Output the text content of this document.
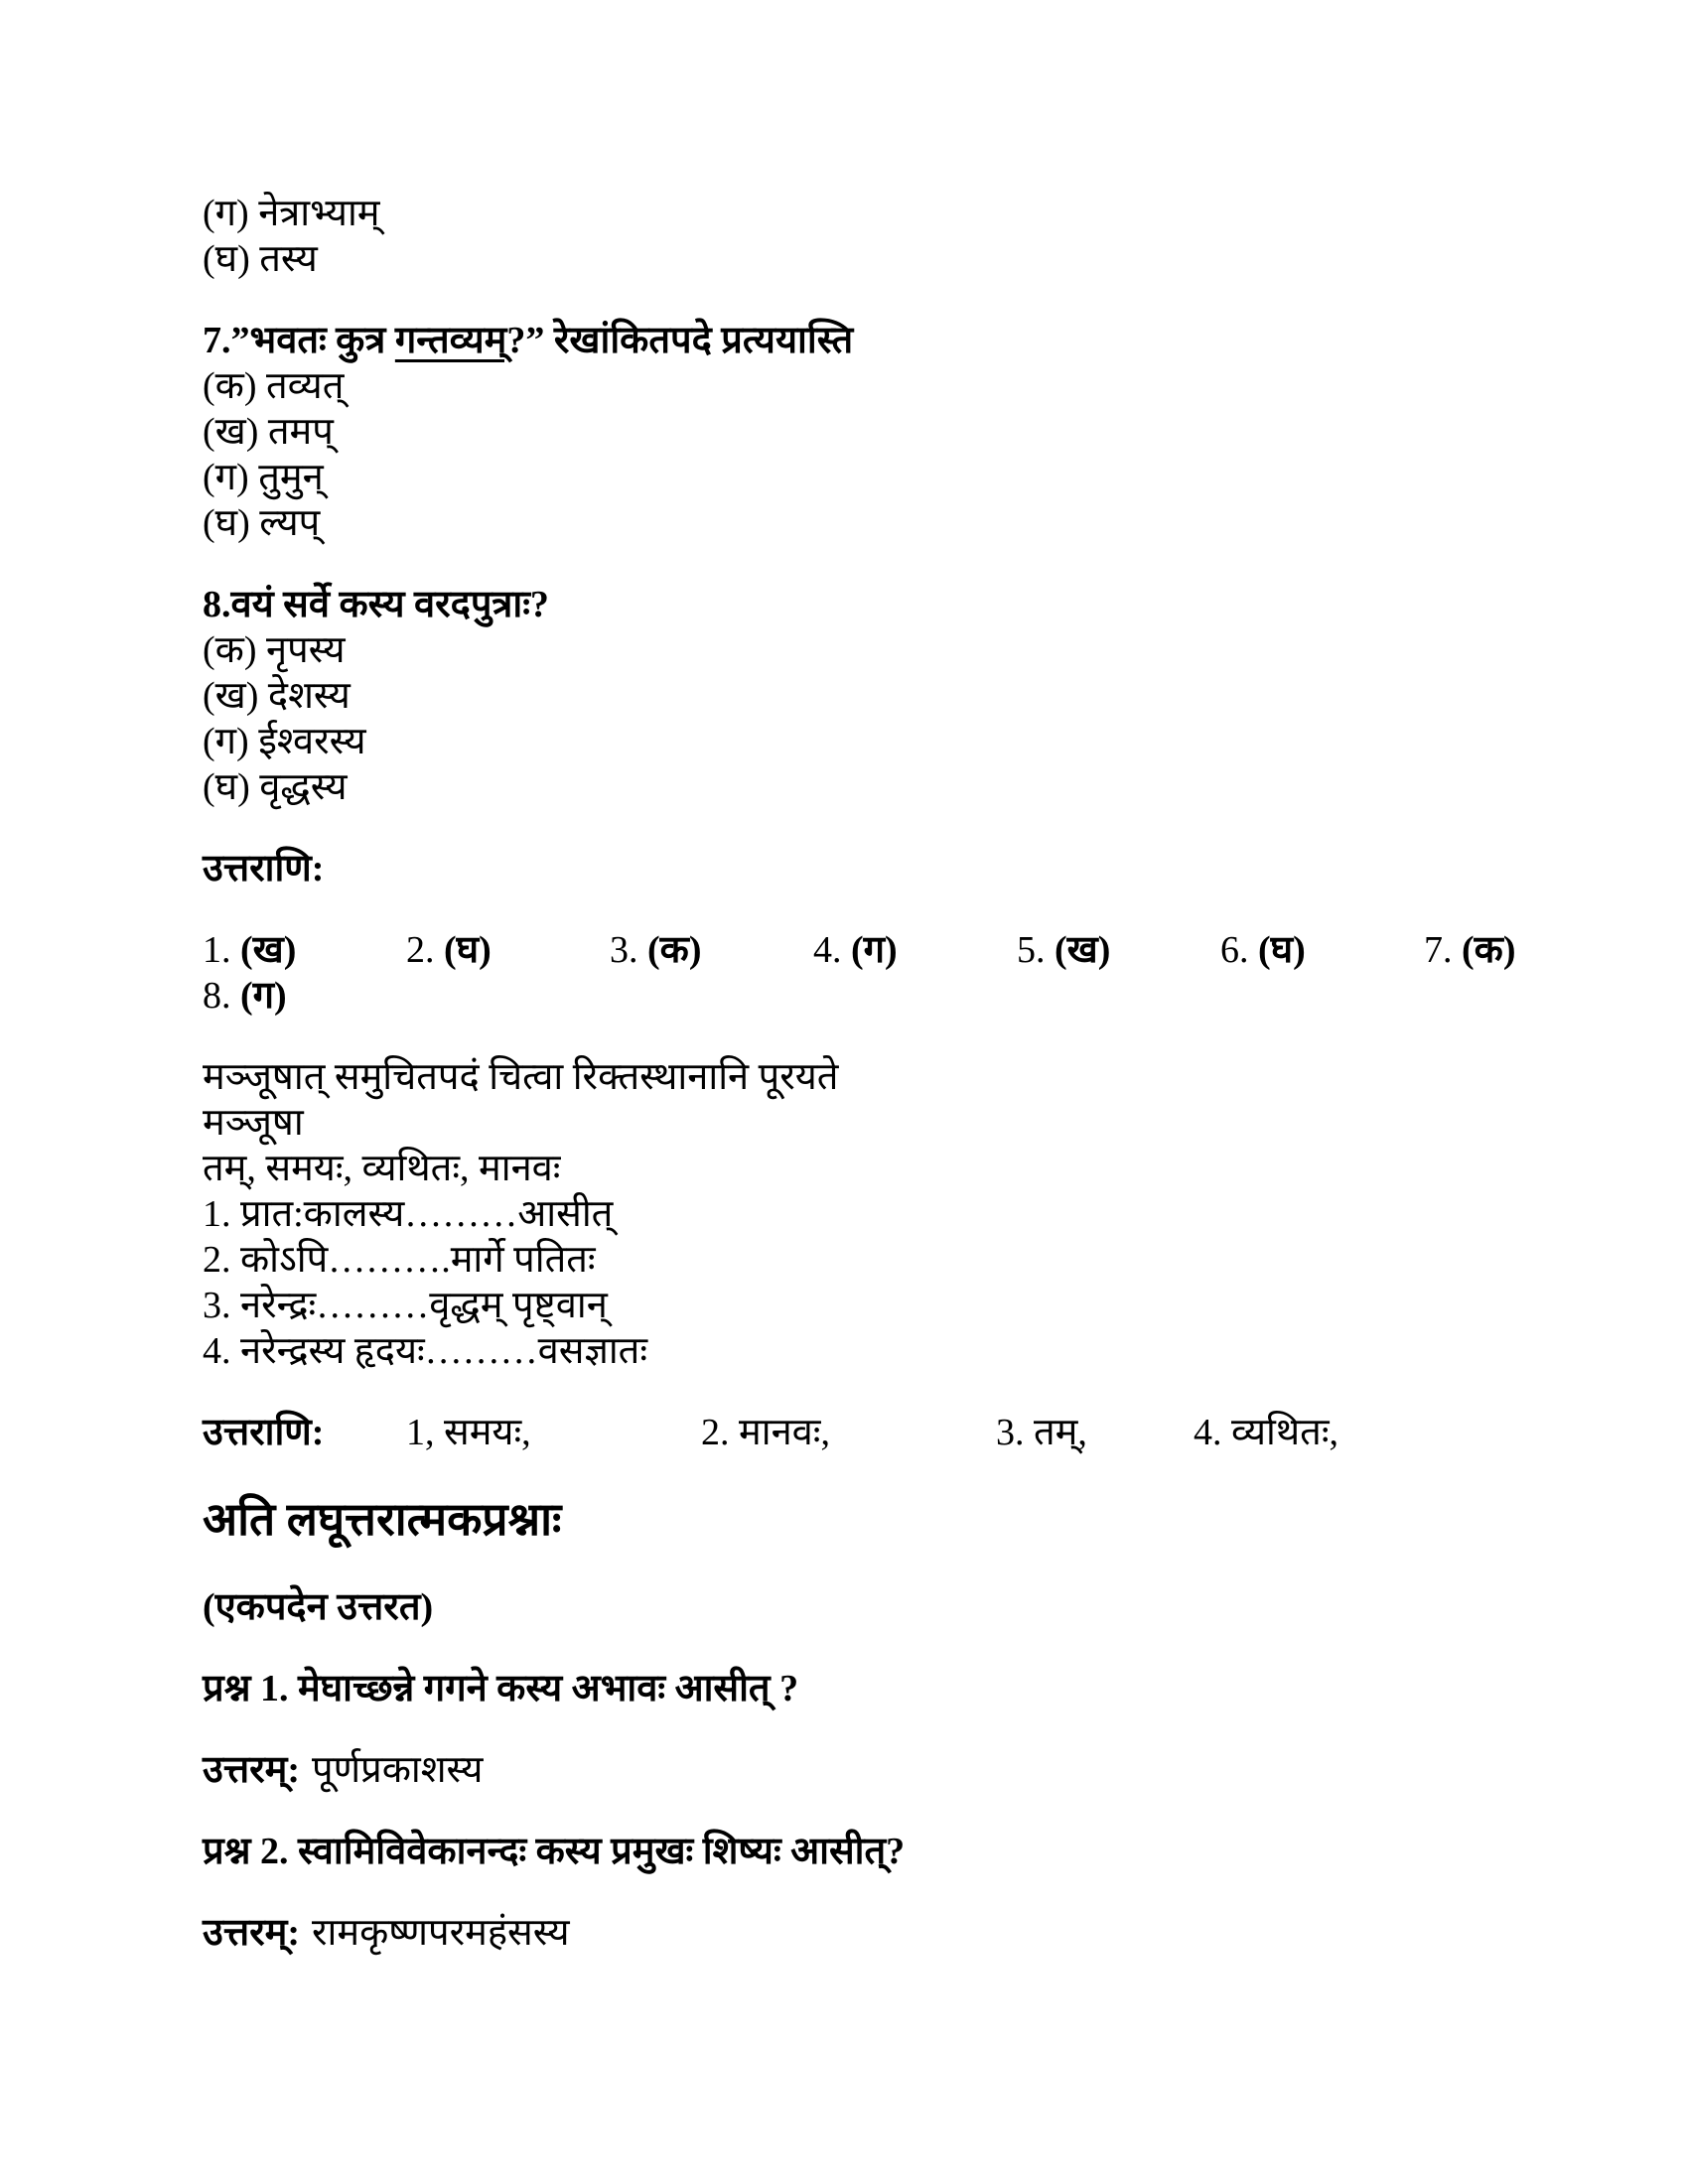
(ग) नेत्राभ्याम्
(घ) तस्य
7.”भवतः कुत्र गन्तव्यम्?” रेखांकितपदे प्रत्ययास्ति
(क) तव्यत्
(ख) तमप्
(ग) तुमुन्
(घ) ल्यप्
8.वयं सर्वे कस्य वरदपुत्राः?
(क) नृपस्य
(ख) देशस्य
(ग) ईश्वरस्य
(घ) वृद्धस्य
उत्तराणि:
1. (ख)	2. (घ)	3. (क)	4. (ग)	5. (ख)	6. (घ)	7. (क)
8. (ग)
मञ्जूषात् समुचितपदं चित्वा रिक्तस्थानानि पूरयते
मञ्जूषा
तम्, समयः, व्यथितः, मानवः
1. प्रात:कालस्य………आसीत्
2. कोऽपि……….मार्गे पतितः
3. नरेन्द्रः………वृद्धम् पृष्ट्वान्
4. नरेन्द्रस्य हृदयः………वसज्ञातः
उत्तराणि: 1, समयः,	2. मानवः,	3. तम्,	4. व्यथितः,
अति लघूत्तरात्मकप्रश्नाः
(एकपदेन उत्तरत)
प्रश्न 1. मेघाच्छन्ने गगने कस्य अभावः आसीत् ?
उत्तरम्: पूर्णप्रकाशस्य
प्रश्न 2. स्वामिविवेकानन्दः कस्य प्रमुखः शिष्यः आसीत्?
उत्तरम्: रामकृष्णपरमहंसस्य
